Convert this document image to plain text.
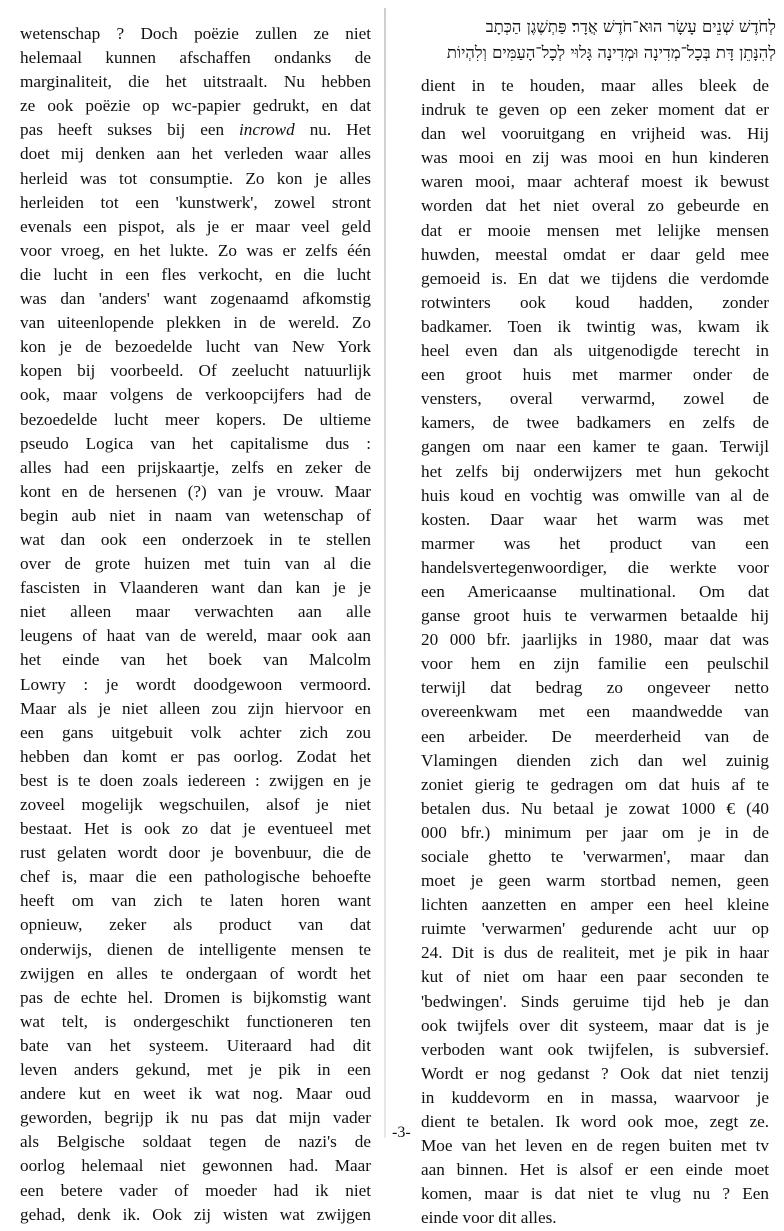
לְחֹדֶשׁ שְׁנֵים עָשָׂר הוּא־חֹדֶשׁ אֲדָר׃ פַּתְשֶׁגֶן הַכְּתָב
לְהִנָּתֵן דָּת בְּכָל־מְדִינָה וּמְדִינָה גָּלוּי לְכָל־הָעַמִּים וְלִהְיוֹת
wetenschap ? Doch poëzie zullen ze niet
helemaal kunnen afschaffen ondanks de
marginaliteit, die het uitstraalt. Nu hebben
ze ook poëzie op wc-papier gedrukt, en dat
pas heeft sukses bij een incrowd nu. Het
doet mij denken aan het verleden waar alles
herleid was tot consumptie. Zo kon je alles
herleiden tot een 'kunstwerk', zowel stront
evenals een pispot, als je er maar veel geld
voor vroeg, en het lukte. Zo was er zelfs één
die lucht in een fles verkocht, en die lucht
was dan 'anders' want zogenaamd afkomstig
van uiteenlopende plekken in de wereld. Zo
kon je de bezoedelde lucht van New York
kopen bij voorbeeld. Of zeelucht natuurlijk
ook, maar volgens de verkoopcijfers had de
bezoedelde lucht meer kopers. De ultieme
pseudo Logica van het capitalisme dus :
alles had een prijskaartje, zelfs en zeker de
kont en de hersenen (?) van je vrouw. Maar
begin aub niet in naam van wetenschap of
wat dan ook een onderzoek in te stellen
over de grote huizen met tuin van al die
fascisten in Vlaanderen want dan kan je je
niet alleen maar verwachten aan alle
leugens of haat van de wereld, maar ook aan
het einde van het boek van Malcolm
Lowry : je wordt doodgewoon vermoord.
Maar als je niet alleen zou zijn hiervoor en
een gans uitgebuit volk achter zich zou
hebben dan komt er pas oorlog. Zodat het
best is te doen zoals iedereen : zwijgen en je
zoveel mogelijk wegschuilen, alsof je niet
bestaat. Het is ook zo dat je eventueel met
rust gelaten wordt door je bovenbuur, die de
chef is, maar die een pathologische behoefte
heeft om van zich te laten horen want
opnieuw, zeker als product van dat
onderwijs, dienen de intelligente mensen te
zwijgen en alles te ondergaan of wordt het
pas de echte hel. Dromen is bijkomstig want
wat telt, is ondergeschikt functioneren ten
bate van het systeem. Uiteraard had dit
leven anders gekund, met je pik in een
andere kut en weet ik wat nog. Maar oud
geworden, begrijp ik nu pas dat mijn vader
als Belgische soldaat tegen de nazi's de
oorlog helemaal niet gewonnen had. Maar
een betere vader of moeder had ik niet
gehad, denk ik. Ook zij wisten wat zwijgen
dient in te houden, maar alles bleek de
indruk te geven op een zeker moment dat er
dan wel vooruitgang en vrijheid was. Hij
was mooi en zij was mooi en hun kinderen
waren mooi, maar achteraf moest ik bewust
worden dat het niet overal zo gebeurde en
dat er mooie mensen met lelijke mensen
huwden, meestal omdat er daar geld mee
gemoeid is. En dat we tijdens die verdomde
rotwinters ook koud hadden, zonder
badkamer. Toen ik twintig was, kwam ik
heel even dan als uitgenodigde terecht in
een groot huis met marmer onder de
vensters, overal verwarmd, zowel de
kamers, de twee badkamers en zelfs de
gangen om naar een kamer te gaan. Terwijl
het zelfs bij onderwijzers met hun gekocht
huis koud en vochtig was omwille van al de
kosten. Daar waar het warm was met
marmer was het product van een
handelsvertegenwoordiger, die werkte voor
een Americaanse multinational. Om dat
ganse groot huis te verwarmen betaalde hij
20 000 bfr. jaarlijks in 1980, maar dat was
voor hem en zijn familie een peulschil
terwijl dat bedrag zo ongeveer netto
overeenkwam met een maandwedde van
een arbeider. De meerderheid van de
Vlamingen dienden zich dan wel zuinig
zoniet gierig te gedragen om dat huis af te
betalen dus. Nu betaal je zowat 1000 € (40
000 bfr.) minimum per jaar om je in de
sociale ghetto te 'verwarmen', maar dan
moet je geen warm stortbad nemen, geen
lichten aanzetten en amper een heel kleine
ruimte 'verwarmen' gedurende acht uur op
24. Dit is dus de realiteit, met je pik in haar
kut of niet om haar een paar seconden te
'bedwingen'. Sinds geruime tijd heb je dan
ook twijfels over dit systeem, maar dat is je
verboden want ook twijfelen, is subversief.
Wordt er nog gedanst ? Ook dat niet tenzij
in kuddevorm en in massa, waarvoor je
dient te betalen. Ik word ook moe, zegt ze.
Moe van het leven en de regen buiten met tv
aan binnen. Het is alsof er een einde moet
komen, maar is dat niet te vlug nu ? Een
einde voor dit alles.
-3-
